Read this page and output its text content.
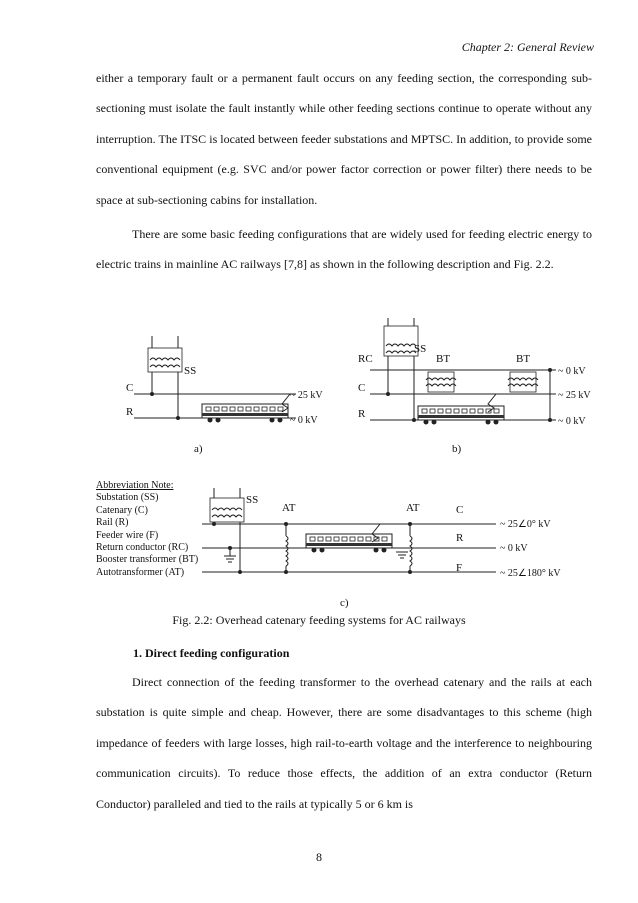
Chapter 2: General Review

either a temporary fault or a permanent fault occurs on any feeding section, the corresponding sub-sectioning must isolate the fault instantly while other feeding sections continue to operate without any interruption. The ITSC is located between feeder substations and MPTSC. In addition, to provide some conventional equipment (e.g. SVC and/or power factor correction or power filter) there needs to be space at sub-sectioning cabins for installation.

There are some basic feeding configurations that are widely used for feeding electric energy to electric trains in mainline AC railways [7,8] as shown in the following description and Fig. 2.2.

SS
C
R
~ 25 kV
~ 0 kV
a)
RC
SS
BT	BT
C
R
~ 0 kV
~ 25 kV
~ 0 kV
b)
SS
AT	AT	C
R
F
~ 25∠0° kV
~ 0 kV
~ 25∠180° kV
c)
Abbreviation Note:
Substation (SS)
Catenary (C)
Rail (R)
Feeder wire (F)
Return conductor (RC)
Booster transformer (BT)
Autotransformer (AT)
Fig. 2.2: Overhead catenary feeding systems for AC railways
1. Direct feeding configuration

Direct connection of the feeding transformer to the overhead catenary and the rails at each substation is quite simple and cheap. However, there are some disadvantages to this scheme (high impedance of feeders with large losses, high rail-to-earth voltage and the interference to neighbouring communication circuits). To reduce those effects, the addition of an extra conductor (Return Conductor) paralleled and tied to the rails at typically 5 or 6 km is

8
